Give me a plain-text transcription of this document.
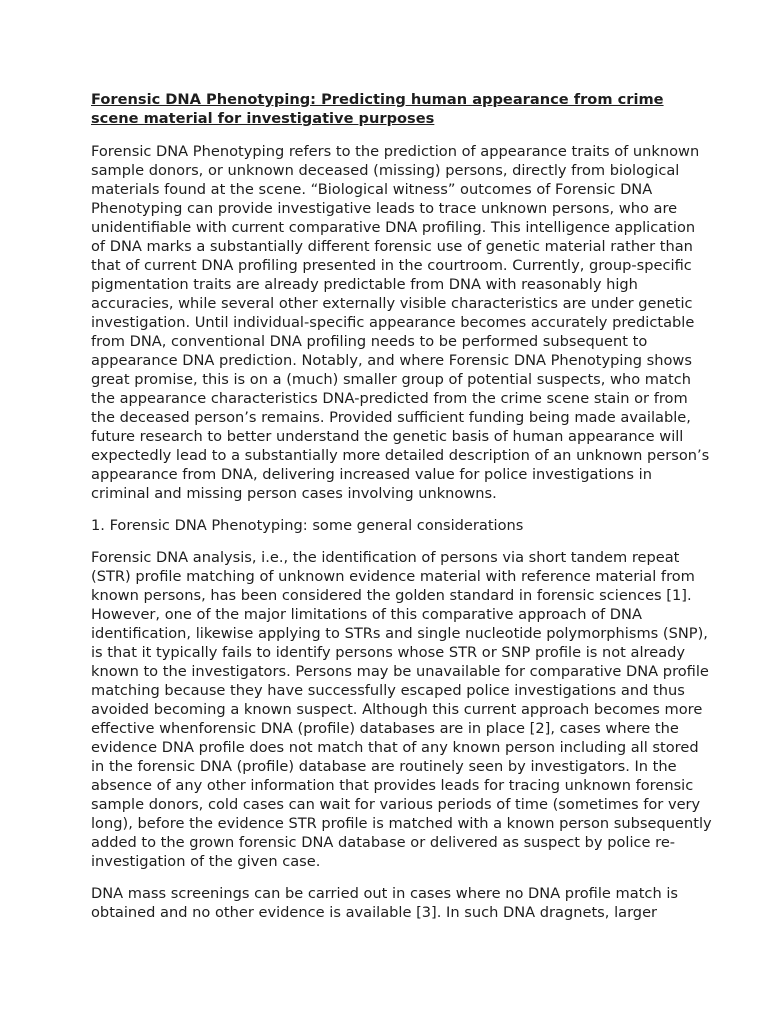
Forensic DNA Phenotyping: Predicting human appearance from crime
scene material for investigative purposes
Forensic DNA Phenotyping refers to the prediction of appearance traits of unknown
sample donors, or unknown deceased (missing) persons, directly from biological
materials found at the scene. “Biological witness” outcomes of Forensic DNA
Phenotyping can provide investigative leads to trace unknown persons, who are
unidentifiable with current comparative DNA profiling. This intelligence application
of DNA marks a substantially different forensic use of genetic material rather than
that of current DNA profiling presented in the courtroom. Currently, group-specific
pigmentation traits are already predictable from DNA with reasonably high
accuracies, while several other externally visible characteristics are under genetic
investigation. Until individual-specific appearance becomes accurately predictable
from DNA, conventional DNA profiling needs to be performed subsequent to
appearance DNA prediction. Notably, and where Forensic DNA Phenotyping shows
great promise, this is on a (much) smaller group of potential suspects, who match
the appearance characteristics DNA-predicted from the crime scene stain or from
the deceased person’s remains. Provided sufficient funding being made available,
future research to better understand the genetic basis of human appearance will
expectedly lead to a substantially more detailed description of an unknown person’s
appearance from DNA, delivering increased value for police investigations in
criminal and missing person cases involving unknowns.
1. Forensic DNA Phenotyping: some general considerations
Forensic DNA analysis, i.e., the identification of persons via short tandem repeat
(STR) profile matching of unknown evidence material with reference material from
known persons, has been considered the golden standard in forensic sciences [1].
However, one of the major limitations of this comparative approach of DNA
identification, likewise applying to STRs and single nucleotide polymorphisms (SNP),
is that it typically fails to identify persons whose STR or SNP profile is not already
known to the investigators. Persons may be unavailable for comparative DNA profile
matching because they have successfully escaped police investigations and thus
avoided becoming a known suspect. Although this current approach becomes more
effective whenforensic DNA (profile) databases are in place [2], cases where the
evidence DNA profile does not match that of any known person including all stored
in the forensic DNA (profile) database are routinely seen by investigators. In the
absence of any other information that provides leads for tracing unknown forensic
sample donors, cold cases can wait for various periods of time (sometimes for very
long), before the evidence STR profile is matched with a known person subsequently
added to the grown forensic DNA database or delivered as suspect by police re-
investigation of the given case.
DNA mass screenings can be carried out in cases where no DNA profile match is
obtained and no other evidence is available [3]. In such DNA dragnets, larger
